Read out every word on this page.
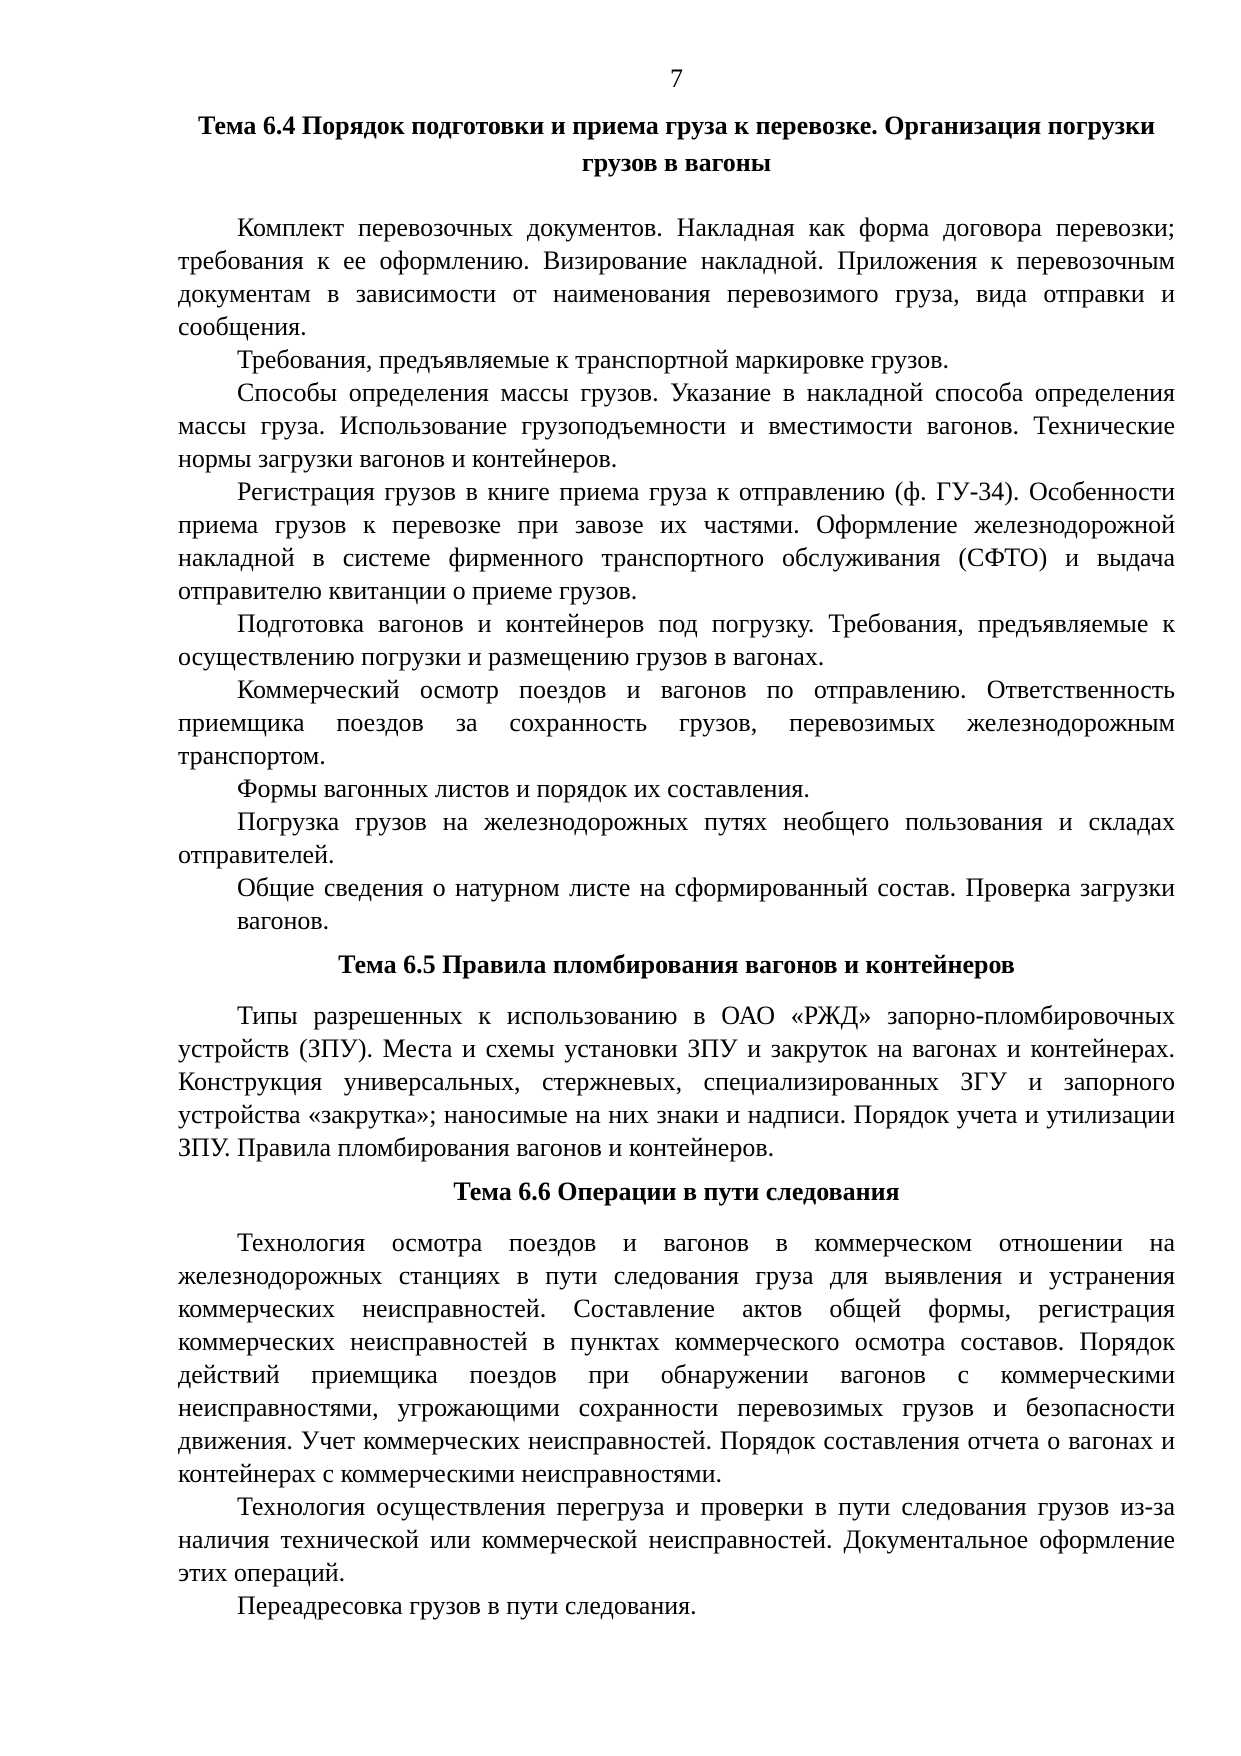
7
Тема 6.4 Порядок подготовки и приема груза к перевозке. Организация погрузки грузов в вагоны

Комплект перевозочных документов. Накладная как форма договора перевозки; требования к ее оформлению. Визирование накладной. Приложения к перевозочным документам в зависимости от наименования перевозимого груза, вида отправки и сообщения.

Требования, предъявляемые к транспортной маркировке грузов.

Способы определения массы грузов. Указание в накладной способа определения массы груза. Использование грузоподъемности и вместимости вагонов. Технические нормы загрузки вагонов и контейнеров.

Регистрация грузов в книге приема груза к отправлению (ф. ГУ-34). Особенности приема грузов к перевозке при завозе их частями. Оформление железнодорожной накладной в системе фирменного транспортного обслуживания (СФТО) и выдача отправителю квитанции о приеме грузов.

Подготовка вагонов и контейнеров под погрузку. Требования, предъявляемые к осуществлению погрузки и размещению грузов в вагонах.

Коммерческий осмотр поездов и вагонов по отправлению. Ответственность приемщика поездов за сохранность грузов, перевозимых железнодорожным транспортом.

Формы вагонных листов и порядок их составления.

Погрузка грузов на железнодорожных путях необщего пользования и складах отправителей.

Общие сведения о натурном листе на сформированный состав. Проверка загрузки вагонов.

Тема 6.5 Правила пломбирования вагонов и контейнеров

Типы разрешенных к использованию в ОАО «РЖД» запорно-пломбировочных устройств (ЗПУ). Места и схемы установки ЗПУ и закруток на вагонах и контейнерах. Конструкция универсальных, стержневых, специализированных ЗГУ и запорного устройства «закрутка»; наносимые на них знаки и надписи. Порядок учета и утилизации ЗПУ. Правила пломбирования вагонов и контейнеров.

Тема 6.6 Операции в пути следования

Технология осмотра поездов и вагонов в коммерческом отношении на железнодорожных станциях в пути следования груза для выявления и устранения коммерческих неисправностей. Составление актов общей формы, регистрация коммерческих неисправностей в пунктах коммерческого осмотра составов. Порядок действий приемщика поездов при обнаружении вагонов с коммерческими неисправностями, угрожающими сохранности перевозимых грузов и безопасности движения. Учет коммерческих неисправностей. Порядок составления отчета о вагонах и контейнерах с коммерческими неисправностями.

Технология осуществления перегруза и проверки в пути следования грузов из-за наличия технической или коммерческой неисправностей. Документальное оформление этих операций.

Переадресовка грузов в пути следования.
